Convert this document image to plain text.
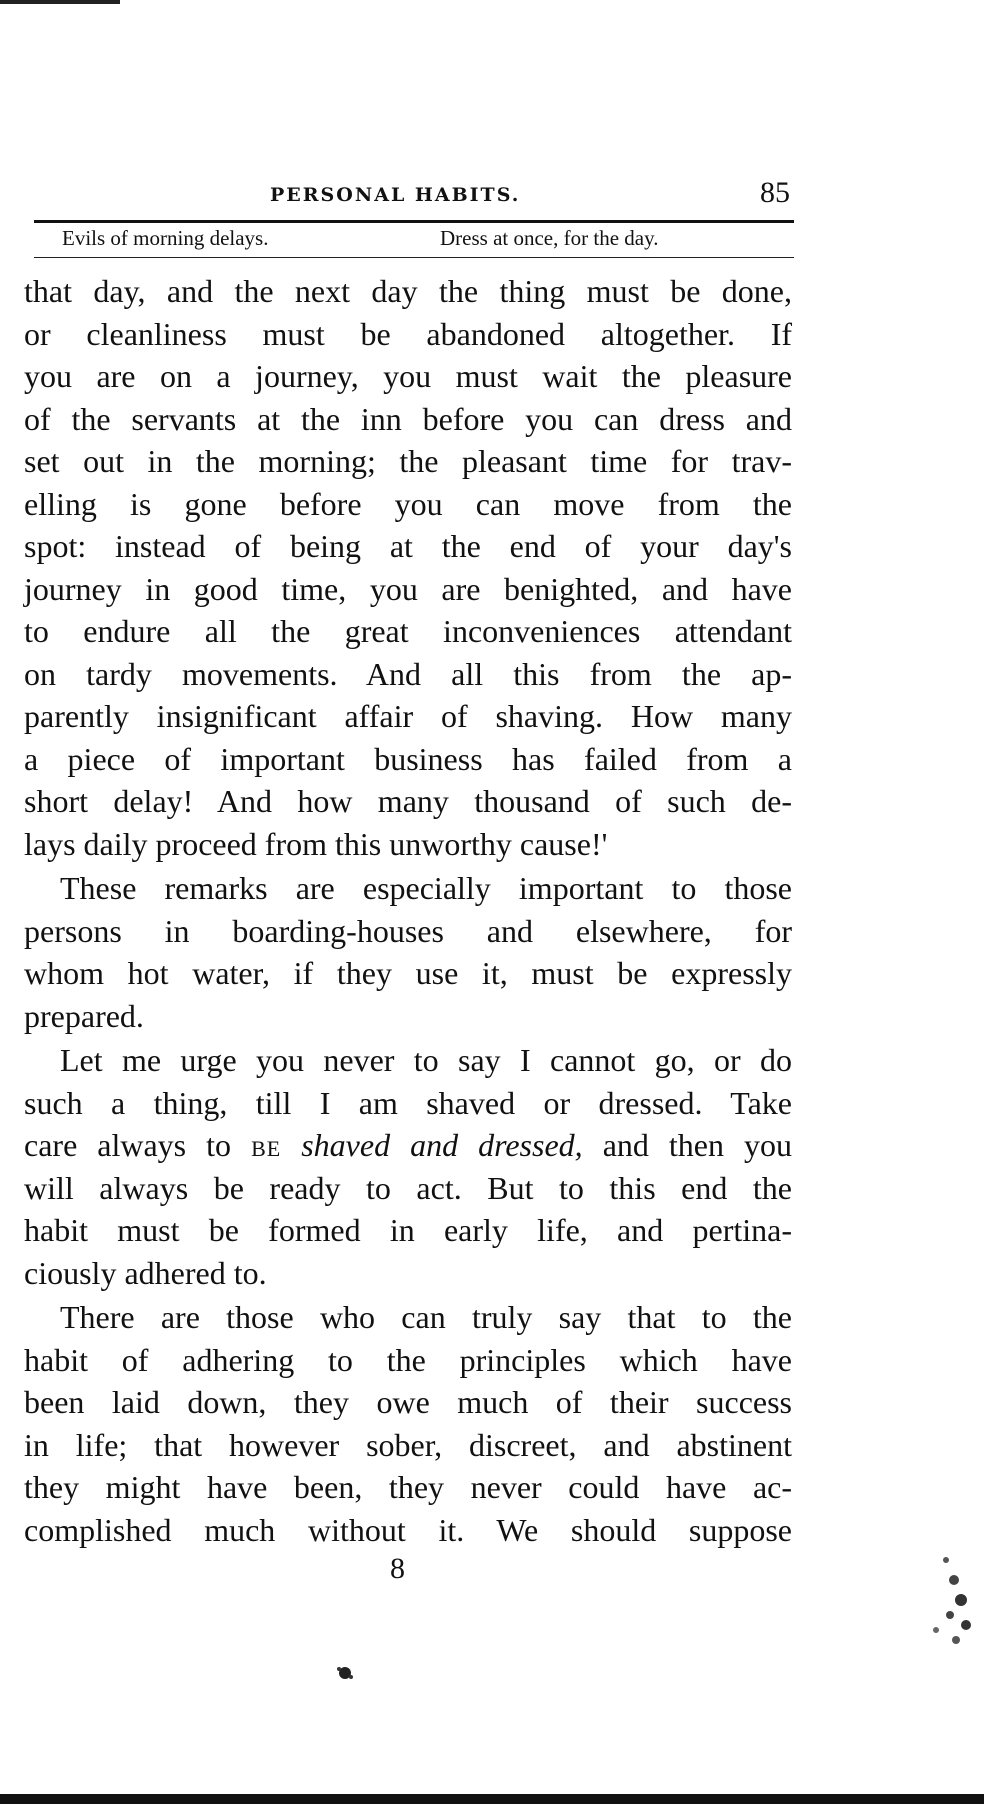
PERSONAL HABITS.	85
Evils of morning delays.	Dress at once, for the day.
that day, and the next day the thing must be done,
or cleanliness must be abandoned altogether. If
you are on a journey, you must wait the pleasure
of the servants at the inn before you can dress and
set out in the morning; the pleasant time for trav-
elling is gone before you can move from the
spot: instead of being at the end of your day's
journey in good time, you are benighted, and have
to endure all the great inconveniences attendant
on tardy movements. And all this from the ap-
parently insignificant affair of shaving. How many
a piece of important business has failed from a
short delay! And how many thousand of such de-
lays daily proceed from this unworthy cause!'
These remarks are especially important to those
persons in boarding-houses and elsewhere, for
whom hot water, if they use it, must be expressly
prepared.
Let me urge you never to say I cannot go, or do
such a thing, till I am shaved or dressed. Take
care always to be shaved and dressed, and then you
will always be ready to act. But to this end the
habit must be formed in early life, and pertina-
ciously adhered to.
There are those who can truly say that to the
habit of adhering to the principles which have
been laid down, they owe much of their success
in life; that however sober, discreet, and abstinent
they might have been, they never could have ac-
complished much without it. We should suppose
8
